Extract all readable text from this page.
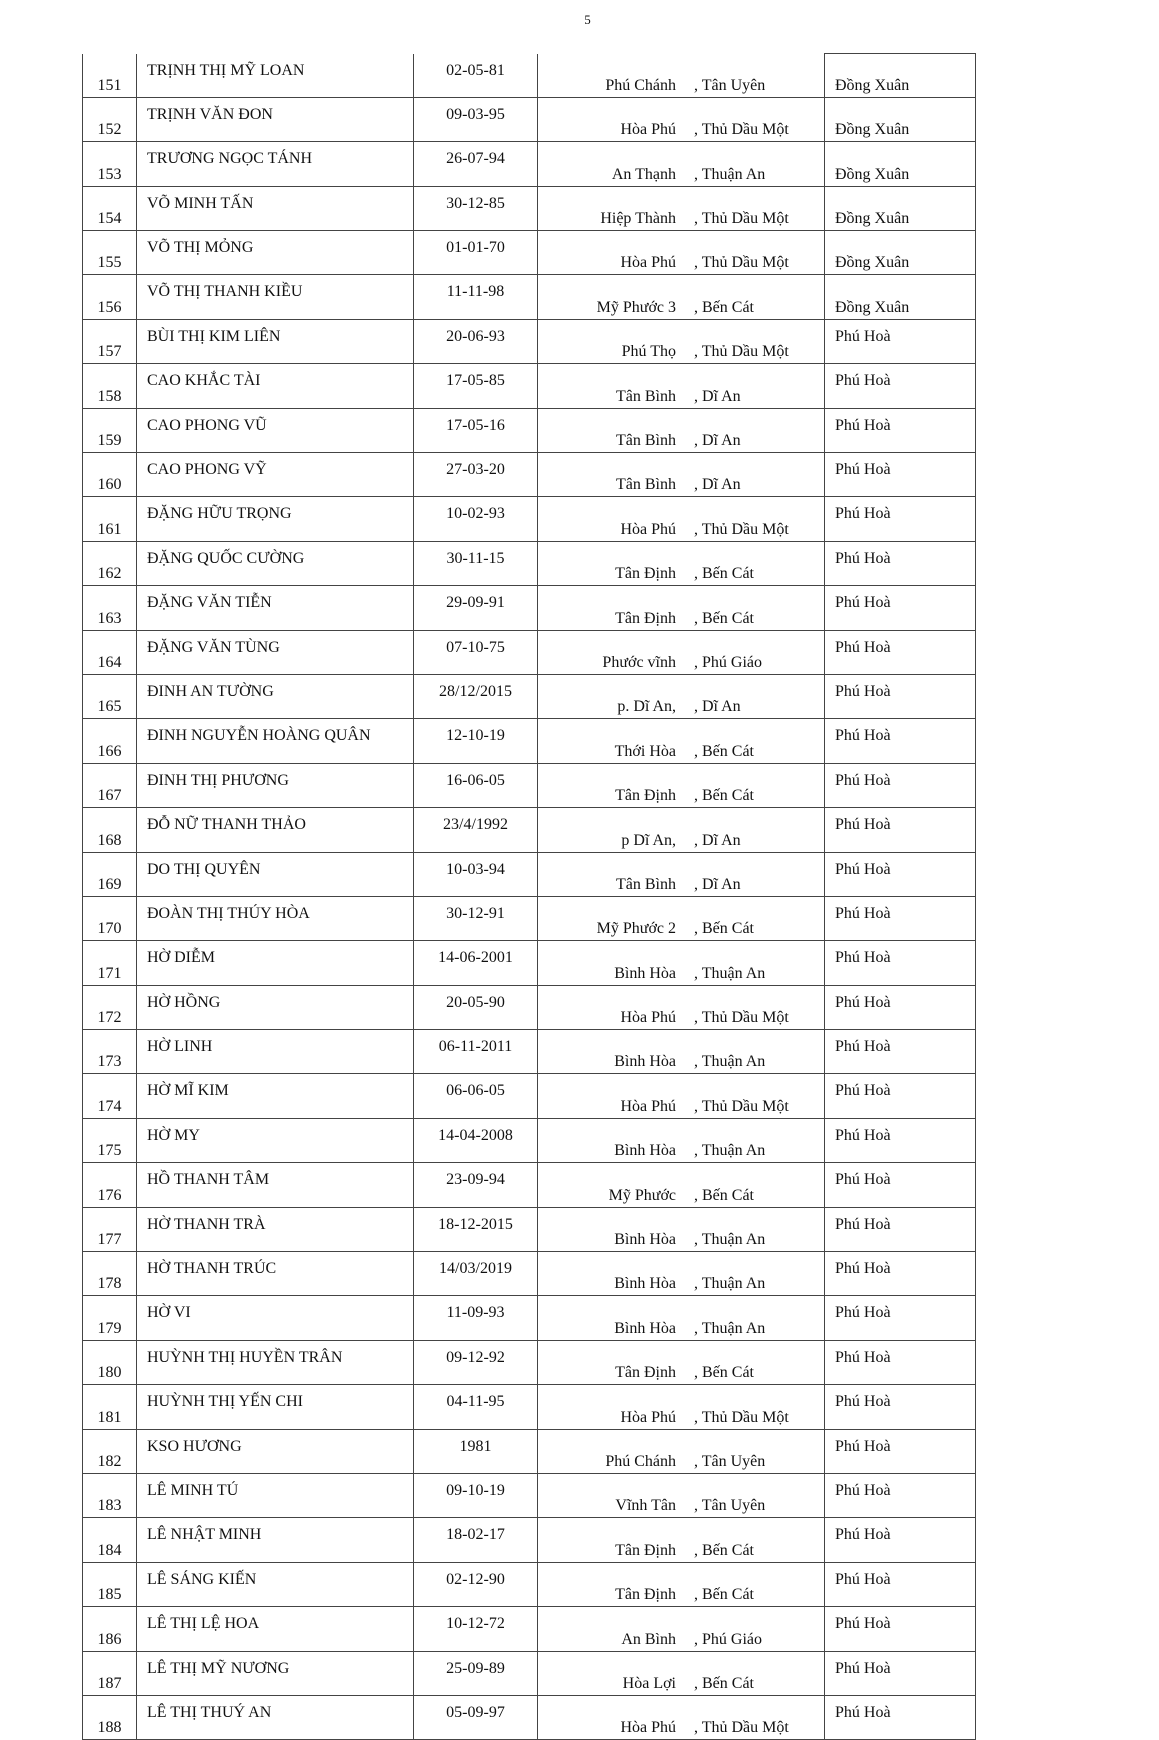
5
151	TRỊNH THỊ MỸ LOAN	02-05-81	Phú Chánh	, Tân Uyên	Đồng Xuân
152	TRỊNH VĂN ĐON	09-03-95	Hòa Phú	, Thủ Dầu Một	Đồng Xuân
153	TRƯƠNG NGỌC TÁNH	26-07-94	An Thạnh	, Thuận An	Đồng Xuân
154	VÕ MINH TẤN	30-12-85	Hiệp Thành	, Thủ Dầu Một	Đồng Xuân
155	VÕ THỊ MỎNG	01-01-70	Hòa Phú	, Thủ Dầu Một	Đồng Xuân
156	VÕ THỊ THANH KIỀU	11-11-98	Mỹ Phước 3	, Bến Cát	Đồng Xuân
157	BÙI THỊ KIM LIÊN	20-06-93	Phú Thọ	, Thủ Dầu Một	Phú Hoà
158	CAO KHẮC TÀI	17-05-85	Tân Bình	, Dĩ An	Phú Hoà
159	CAO PHONG VŨ	17-05-16	Tân Bình	, Dĩ An	Phú Hoà
160	CAO PHONG VỸ	27-03-20	Tân Bình	, Dĩ An	Phú Hoà
161	ĐẶNG HỮU TRỌNG	10-02-93	Hòa Phú	, Thủ Dầu Một	Phú Hoà
162	ĐẶNG QUỐC CƯỜNG	30-11-15	Tân Định	, Bến Cát	Phú Hoà
163	ĐẶNG VĂN TIỄN	29-09-91	Tân Định	, Bến Cát	Phú Hoà
164	ĐẶNG VĂN TÙNG	07-10-75	Phước vĩnh	, Phú Giáo	Phú Hoà
165	ĐINH AN TƯỜNG	28/12/2015	p. Dĩ An,	, Dĩ An	Phú Hoà
166	ĐINH NGUYỄN HOÀNG QUÂN	12-10-19	Thới Hòa	, Bến Cát	Phú Hoà
167	ĐINH THỊ PHƯƠNG	16-06-05	Tân Định	, Bến Cát	Phú Hoà
168	ĐỖ NỮ THANH THẢO	23/4/1992	p Dĩ An,	, Dĩ An	Phú Hoà
169	DO THỊ QUYÊN	10-03-94	Tân Bình	, Dĩ An	Phú Hoà
170	ĐOÀN THỊ THÚY HÒA	30-12-91	Mỹ Phước 2	, Bến Cát	Phú Hoà
171	HỜ DIỄM	14-06-2001	Bình Hòa	, Thuận An	Phú Hoà
172	HỜ HỒNG	20-05-90	Hòa Phú	, Thủ Dầu Một	Phú Hoà
173	HỜ LINH	06-11-2011	Bình Hòa	, Thuận An	Phú Hoà
174	HỜ MĨ KIM	06-06-05	Hòa Phú	, Thủ Dầu Một	Phú Hoà
175	HỜ MY	14-04-2008	Bình Hòa	, Thuận An	Phú Hoà
176	HỒ THANH TÂM	23-09-94	Mỹ Phước	, Bến Cát	Phú Hoà
177	HỜ THANH TRÀ	18-12-2015	Bình Hòa	, Thuận An	Phú Hoà
178	HỜ THANH TRÚC	14/03/2019	Bình Hòa	, Thuận An	Phú Hoà
179	HỜ VI	11-09-93	Bình Hòa	, Thuận An	Phú Hoà
180	HUỲNH THỊ HUYỀN TRÂN	09-12-92	Tân Định	, Bến Cát	Phú Hoà
181	HUỲNH THỊ YẾN CHI	04-11-95	Hòa Phú	, Thủ Dầu Một	Phú Hoà
182	KSO HƯƠNG	1981	Phú Chánh	, Tân Uyên	Phú Hoà
183	LÊ MINH TÚ	09-10-19	Vĩnh Tân	, Tân Uyên	Phú Hoà
184	LÊ NHẬT MINH	18-02-17	Tân Định	, Bến Cát	Phú Hoà
185	LÊ SÁNG KIẾN	02-12-90	Tân Định	, Bến Cát	Phú Hoà
186	LÊ THỊ LỆ HOA	10-12-72	An Bình	, Phú Giáo	Phú Hoà
187	LÊ THỊ MỸ NƯƠNG	25-09-89	Hòa Lợi	, Bến Cát	Phú Hoà
188	LÊ THỊ THUÝ AN	05-09-97	Hòa Phú	, Thủ Dầu Một	Phú Hoà
